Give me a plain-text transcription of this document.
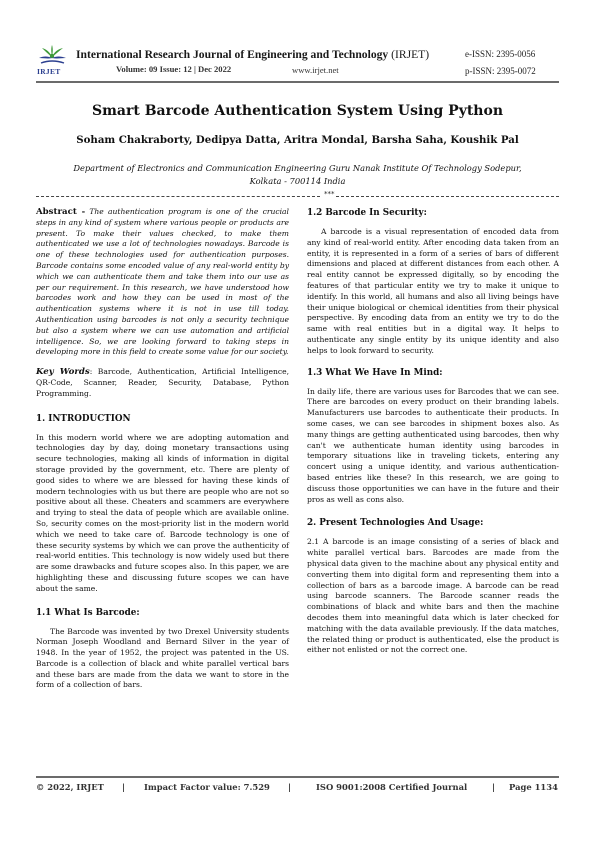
IRJET
International Research Journal of Engineering and Technology (IRJET)
Volume: 09 Issue: 12 | Dec 2022	www.irjet.net
e-ISSN: 2395-0056
p-ISSN: 2395-0072
Smart Barcode Authentication System Using Python
Soham Chakraborty, Dedipya Datta, Aritra Mondal, Barsha Saha, Koushik Pal
Department of Electronics and Communication Engineering Guru Nanak Institute Of Technology Sodepur,
Kolkata - 700114 India
***

Abstract - The authentication program is one of the crucial steps in any kind of system where various people or products are present. To make their values checked, to make them authenticated we use a lot of technologies nowadays. Barcode is one of these technologies used for authentication purposes. Barcode contains some encoded value of any real-world entity by which we can authenticate them and take them into our use as per our requirement. In this research, we have understood how barcodes work and how they can be used in most of the authentication systems where it is not in use till today. Authentication using barcodes is not only a security technique but also a system where we can use automation and artificial intelligence. So, we are looking forward to taking steps in developing more in this field to create some value for our society.

Key Words: Barcode, Authentication, Artificial Intelligence, QR-Code, Scanner, Reader, Security, Database, Python Programming.

1. INTRODUCTION

In this modern world where we are adopting automation and technologies day by day, doing monetary transactions using secure technologies, making all kinds of information in digital storage provided by the government, etc. There are plenty of good sides to where we are blessed for having these kinds of modern technologies with us but there are people who are not so positive about all these. Cheaters and scammers are everywhere and trying to steal the data of people which are available online. So, security comes on the most-priority list in the modern world which we need to take care of. Barcode technology is one of these security systems by which we can prove the authenticity of real-world entities. This technology is now widely used but there are some drawbacks and future scopes also. In this paper, we are highlighting these and discussing future scopes we can have about the same.

1.1 What Is Barcode:

The Barcode was invented by two Drexel University students Norman Joseph Woodland and Bernard Silver in the year of 1948. In the year of 1952, the project was patented in the US. Barcode is a collection of black and white parallel vertical bars and these bars are made from the data we want to store in the form of a collection of bars.

1.2 Barcode In Security:

A barcode is a visual representation of encoded data from any kind of real-world entity. After encoding data taken from an entity, it is represented in a form of a series of bars of different dimensions and placed at different distances from each other. A real entity cannot be expressed digitally, so by encoding the features of that particular entity we try to make it unique to identify. In this world, all humans and also all living beings have their unique biological or chemical identities from their physical perspective. By encoding data from an entity we try to do the same with real entities but in a digital way. It helps to authenticate any single entity by its unique identity and also helps to look forward to security.

1.3 What We Have In Mind:

In daily life, there are various uses for Barcodes that we can see. There are barcodes on every product on their branding labels. Manufacturers use barcodes to authenticate their products. In some cases, we can see barcodes in shipment boxes also. As many things are getting authenticated using barcodes, then why can't we authenticate human identity using barcodes in temporary situations like in traveling tickets, entering any concert using a unique identity, and various authentication-based entries like these? In this research, we are going to discuss those opportunities we can have in the future and their pros as well as cons also.

2. Present Technologies And Usage:

2.1 A barcode is an image consisting of a series of black and white parallel vertical bars. Barcodes are made from the physical data given to the machine about any physical entity and converting them into digital form and representing them into a collection of bars as a barcode image. A barcode can be read using barcode scanners. The Barcode scanner reads the combinations of black and white bars and then the machine decodes them into meaningful data which is later checked for matching with the data available previously. If the data matches, the related thing or product is authenticated, else the product is either not enlisted or not the correct one.

© 2022, IRJET | Impact Factor value: 7.529 |	ISO 9001:2008 Certified Journal	| Page 1134
